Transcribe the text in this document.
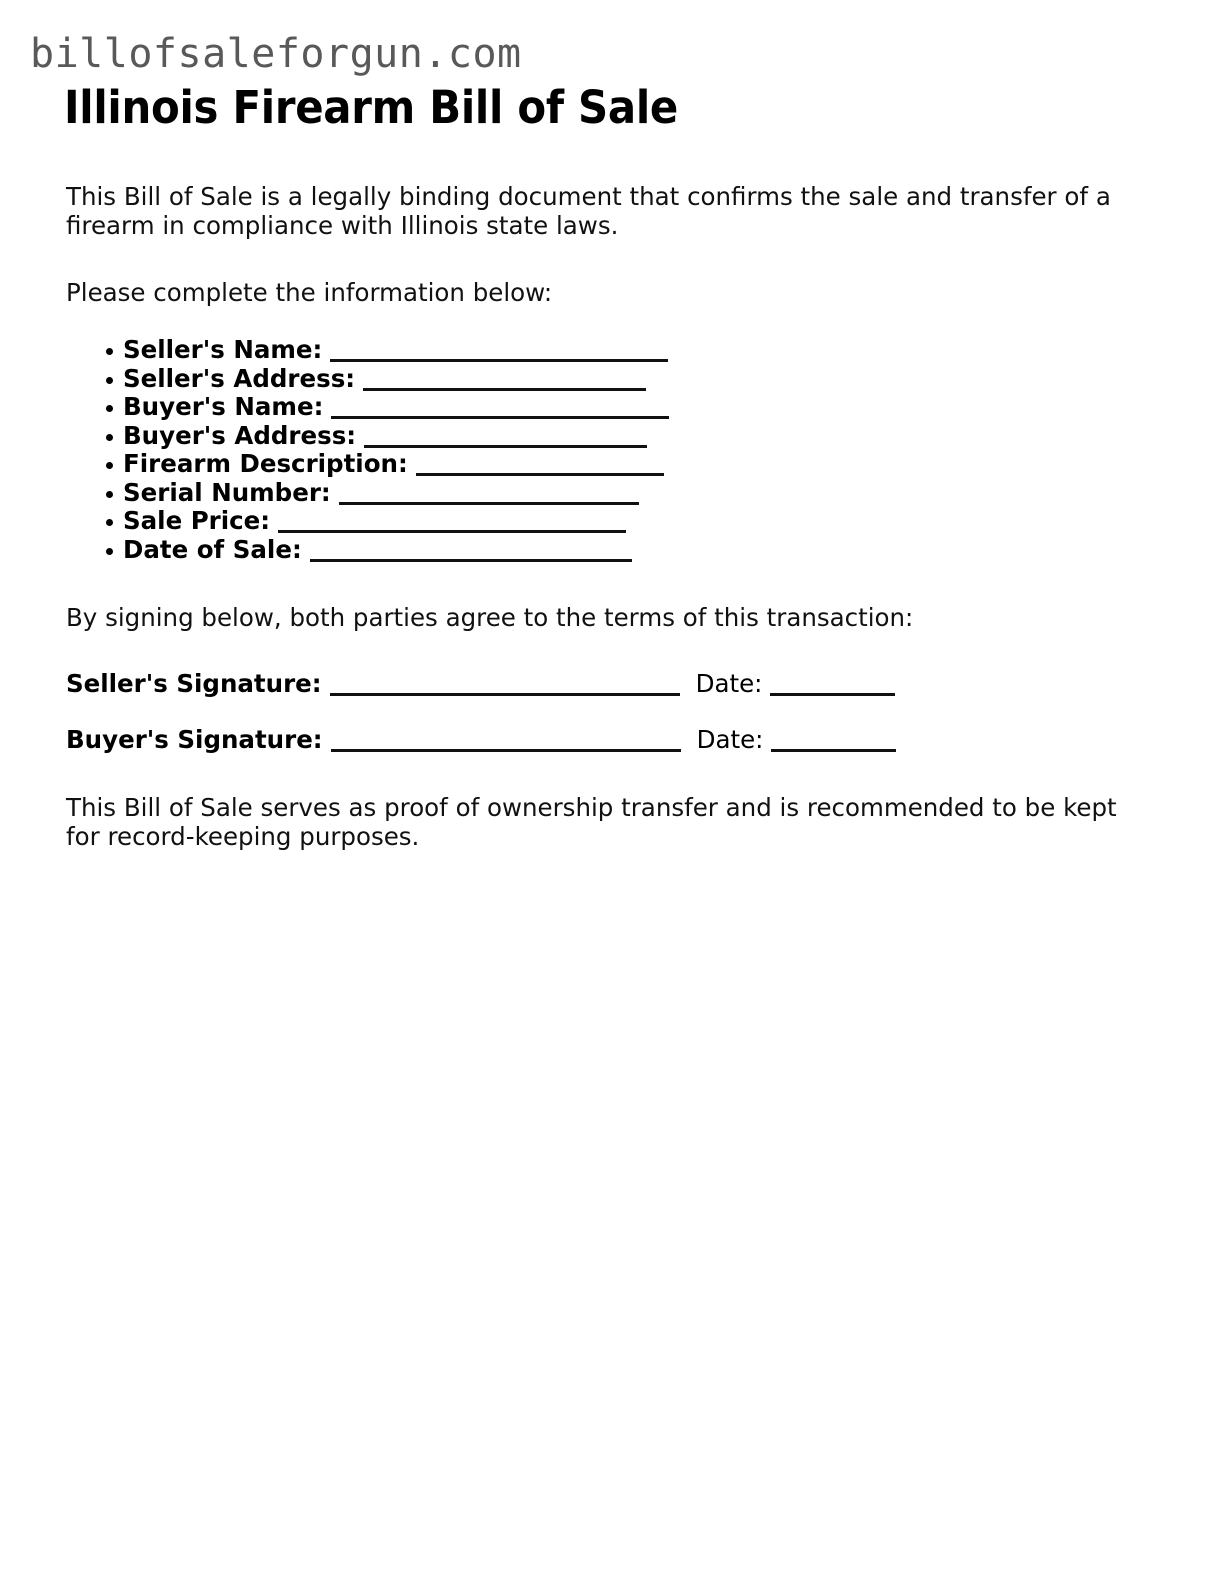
billofsaleforgun.com
Illinois Firearm Bill of Sale

This Bill of Sale is a legally binding document that confirms the sale and transfer of a firearm in compliance with Illinois state laws.

Please complete the information below:

Seller's Name:
Seller's Address:
Buyer's Name:
Buyer's Address:
Firearm Description:
Serial Number:
Sale Price:
Date of Sale:

By signing below, both parties agree to the terms of this transaction:

Seller's Signature:	Date:
Buyer's Signature:	Date:

This Bill of Sale serves as proof of ownership transfer and is recommended to be kept for record-keeping purposes.
